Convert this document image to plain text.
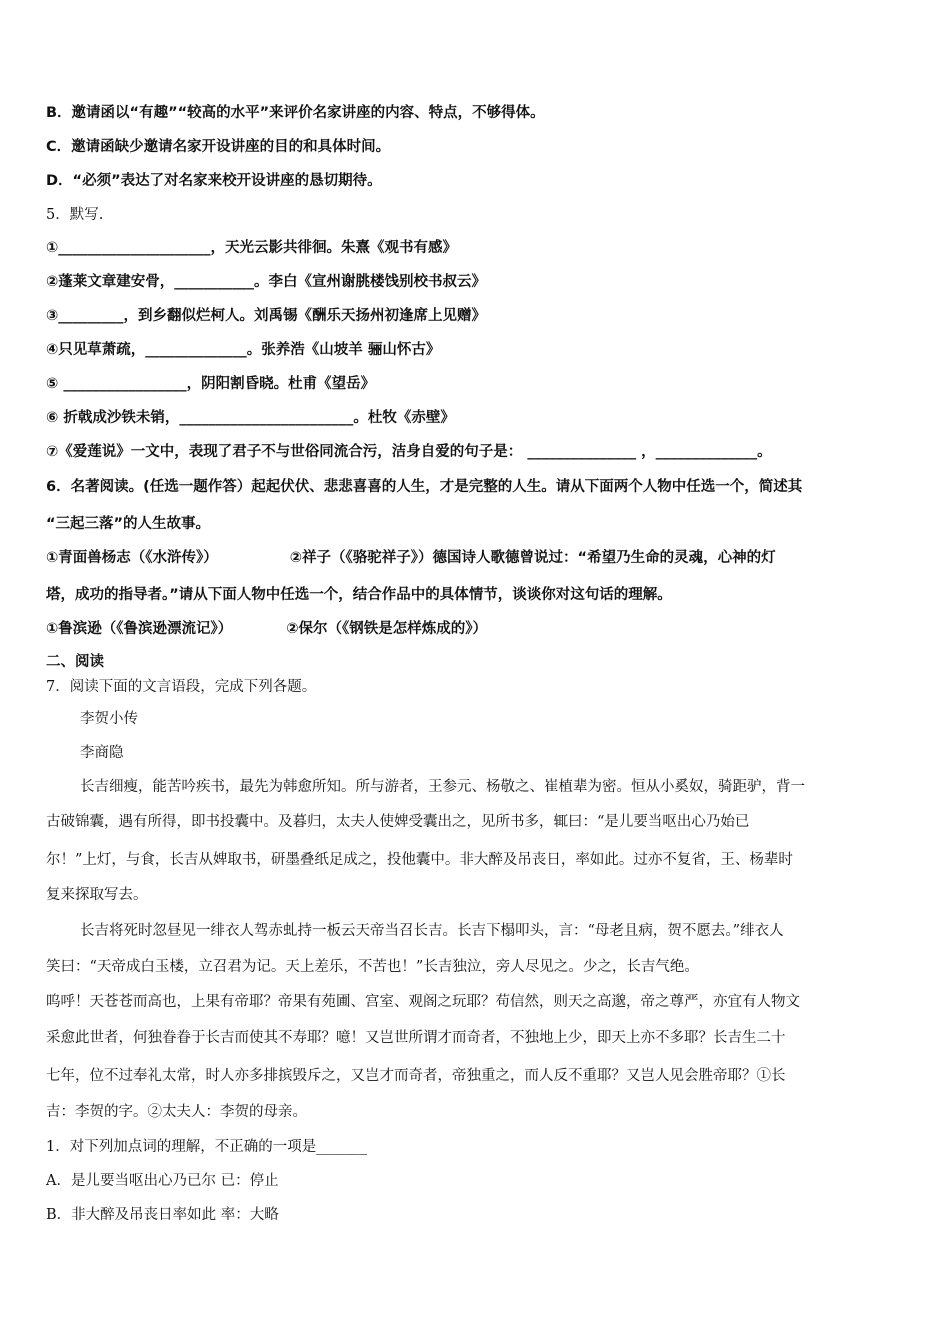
B．邀请函以“有趣”“较高的水平”来评价名家讲座的内容、特点，不够得体。
C．邀请函缺少邀请名家开设讲座的目的和具体时间。
D．“必须”表达了对名家来校开设讲座的恳切期待。
5．默写.
①_____________________，天光云影共徘徊。朱熹《观书有感》
②蓬莱文章建安骨，___________。李白《宣州谢朓楼饯别校书叔云》
③_________，到乡翻似烂柯人。刘禹锡《酬乐天扬州初逢席上见赠》
④只见草萧疏，______________。张养浩《山坡羊 骊山怀古》
⑤ _________________，阴阳割昏晓。杜甫《望岳》
⑥ 折戟成沙铁未销，________________________。杜牧《赤壁》
⑦《爱莲说》一文中，表现了君子不与世俗同流合污，洁身自爱的句子是： _______________ ，______________。
6．名著阅读。(任选一题作答）起起伏伏、悲悲喜喜的人生，才是完整的人生。请从下面两个人物中任选一个，简述其
“三起三落”的人生故事。
①青面兽杨志（《水浒传》）	②祥子（《骆驼祥子》）德国诗人歌德曾说过：“希望乃生命的灵魂，心神的灯
塔，成功的指导者。”请从下面人物中任选一个，结合作品中的具体情节，谈谈你对这句话的理解。
①鲁滨逊（《鲁滨逊漂流记》）	②保尔（《钢铁是怎样炼成的》）
二、阅读
7．阅读下面的文言语段，完成下列各题。
李贺小传
李商隐
长吉细瘦，能苦吟疾书，最先为韩愈所知。所与游者，王参元、杨敬之、崔植辈为密。恒从小奚奴，骑距驴，背一
古破锦囊，遇有所得，即书投囊中。及暮归，太夫人使婢受囊出之，见所书多，辄曰：“是儿要当呕出心乃始已
尔！”上灯，与食，长吉从婢取书，研墨叠纸足成之，投他囊中。非大醉及吊丧日，率如此。过亦不复省，王、杨辈时
复来探取写去。
长吉将死时忽昼见一绯衣人驾赤虬持一板云天帝当召长吉。长吉下榻叩头，言：“母老且病，贺不愿去。”绯衣人
笑曰：“天帝成白玉楼，立召君为记。天上差乐，不苦也！”长吉独泣，旁人尽见之。少之，长吉气绝。
呜呼！天苍苍而高也，上果有帝耶？帝果有苑圃、宫室、观阁之玩耶？苟信然，则天之高邈，帝之尊严，亦宜有人物文
采愈此世者，何独眷眷于长吉而使其不寿耶？噫！又岂世所谓才而奇者，不独地上少，即天上亦不多耶？长吉生二十
七年，位不过奉礼太常，时人亦多排摈毁斥之，又岂才而奇者，帝独重之，而人反不重耶？又岂人见会胜帝耶？①长
吉：李贺的字。②太夫人：李贺的母亲。
1．对下列加点词的理解，不正确的一项是_______
A．是儿要当呕出心乃已尔 已：停止
B．非大醉及吊丧日率如此 率：大略
